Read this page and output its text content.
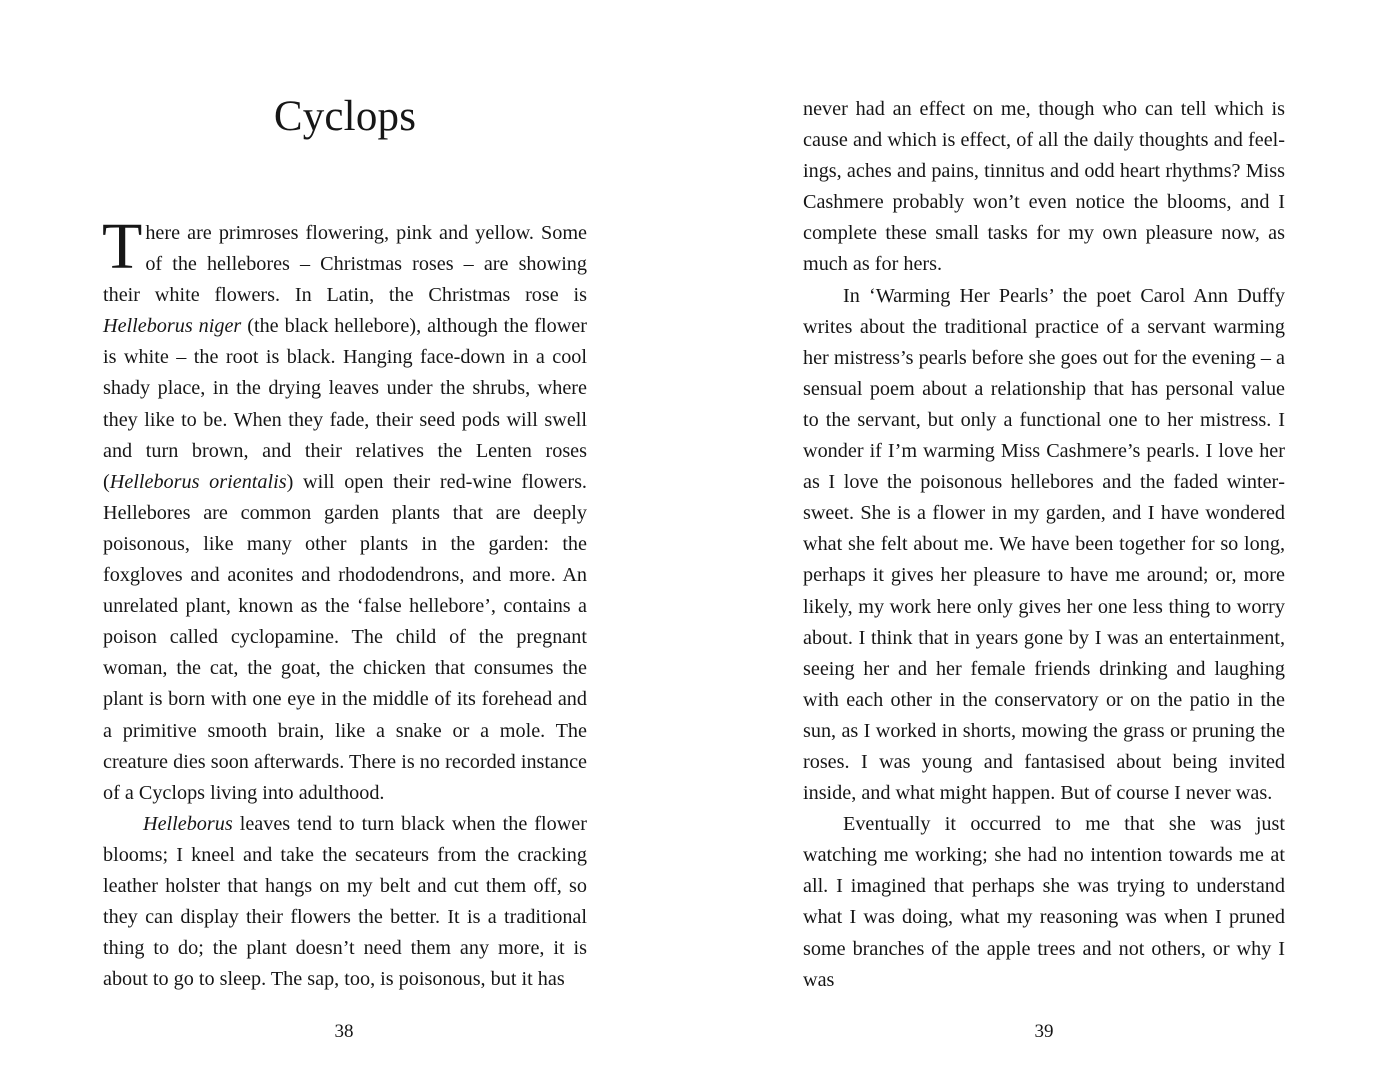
Cyclops

There are primroses flowering, pink and yellow. Some of the hellebores – Christmas roses – are showing their white flowers. In Latin, the Christmas rose is Helleborus niger (the black hellebore), although the flower is white – the root is black. Hanging face-down in a cool shady place, in the drying leaves under the shrubs, where they like to be. When they fade, their seed pods will swell and turn brown, and their relatives the Lenten roses (Helleborus orientalis) will open their red-wine flowers. Hellebores are common garden plants that are deeply poisonous, like many other plants in the garden: the foxgloves and aconites and rhododendrons, and more. An unrelated plant, known as the ‘false hellebore’, contains a poison called cyclopamine. The child of the pregnant woman, the cat, the goat, the chicken that consumes the plant is born with one eye in the middle of its forehead and a primitive smooth brain, like a snake or a mole. The creature dies soon afterwards. There is no recorded instance of a Cyclops living into adulthood.

Helleborus leaves tend to turn black when the flower blooms; I kneel and take the secateurs from the cracking leather holster that hangs on my belt and cut them off, so they can display their flowers the better. It is a traditional thing to do; the plant doesn’t need them any more, it is about to go to sleep. The sap, too, is poisonous, but it has

38

never had an effect on me, though who can tell which is cause and which is effect, of all the daily thoughts and feelings, aches and pains, tinnitus and odd heart rhythms? Miss Cashmere probably won’t even notice the blooms, and I complete these small tasks for my own pleasure now, as much as for hers.

In ‘Warming Her Pearls’ the poet Carol Ann Duffy writes about the traditional practice of a servant warming her mistress’s pearls before she goes out for the evening – a sensual poem about a relationship that has personal value to the servant, but only a functional one to her mistress. I wonder if I’m warming Miss Cashmere’s pearls. I love her as I love the poisonous hellebores and the faded wintersweet. She is a flower in my garden, and I have wondered what she felt about me. We have been together for so long, perhaps it gives her pleasure to have me around; or, more likely, my work here only gives her one less thing to worry about. I think that in years gone by I was an entertainment, seeing her and her female friends drinking and laughing with each other in the conservatory or on the patio in the sun, as I worked in shorts, mowing the grass or pruning the roses. I was young and fantasised about being invited inside, and what might happen. But of course I never was.

Eventually it occurred to me that she was just watching me working; she had no intention towards me at all. I imagined that perhaps she was trying to understand what I was doing, what my reasoning was when I pruned some branches of the apple trees and not others, or why I was

39
